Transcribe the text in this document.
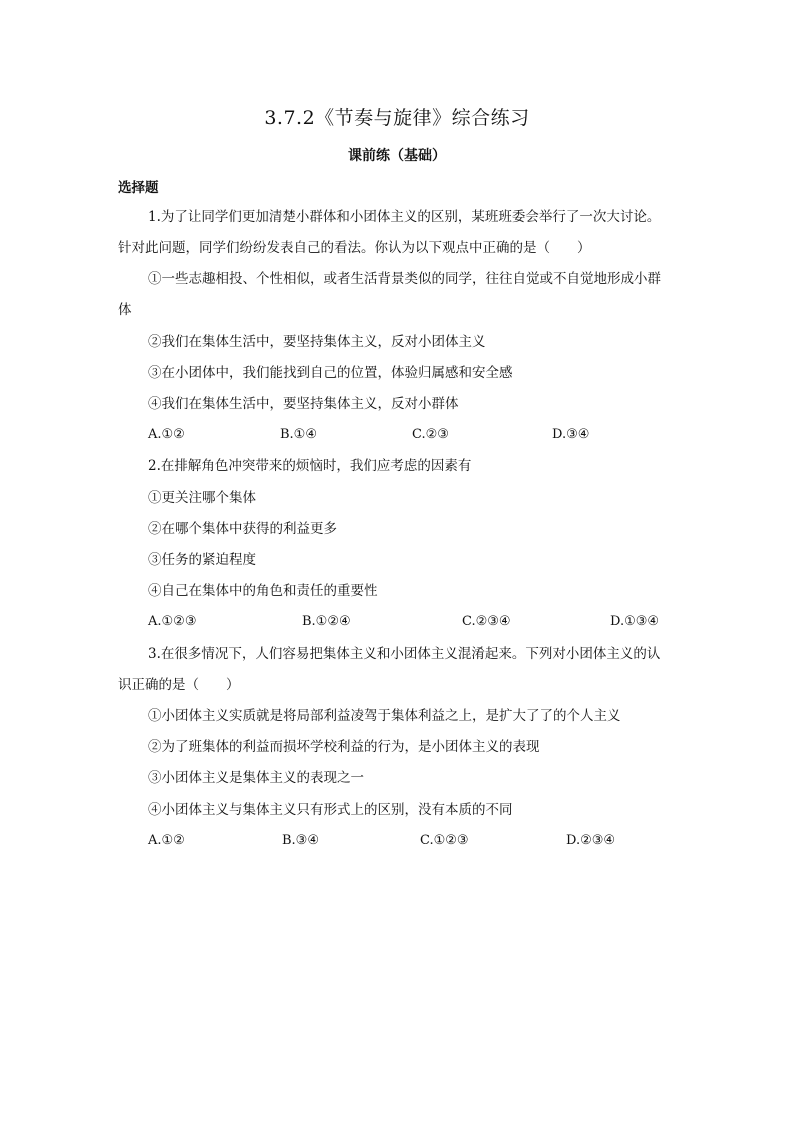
3.7.2《节奏与旋律》综合练习
课前练（基础）
选择题
1.为了让同学们更加清楚小群体和小团体主义的区别，某班班委会举行了一次大讨论。
针对此问题，同学们纷纷发表自己的看法。你认为以下观点中正确的是（　　）
①一些志趣相投、个性相似，或者生活背景类似的同学，往往自觉或不自觉地形成小群
体
②我们在集体生活中，要坚持集体主义，反对小团体主义
③在小团体中，我们能找到自己的位置，体验归属感和安全感
④我们在集体生活中，要坚持集体主义，反对小群体
A.①②	B.①④	C.②③	D.③④
2.在排解角色冲突带来的烦恼时，我们应考虑的因素有
①更关注哪个集体
②在哪个集体中获得的利益更多
③任务的紧迫程度
④自己在集体中的角色和责任的重要性
A.①②③	B.①②④	C.②③④	D.①③④
3.在很多情况下，人们容易把集体主义和小团体主义混淆起来。下列对小团体主义的认
识正确的是（　　）
①小团体主义实质就是将局部利益凌驾于集体利益之上，是扩大了了的个人主义
②为了班集体的利益而损坏学校利益的行为，是小团体主义的表现
③小团体主义是集体主义的表现之一
④小团体主义与集体主义只有形式上的区别，没有本质的不同
A.①②	B.③④	C.①②③	D.②③④
